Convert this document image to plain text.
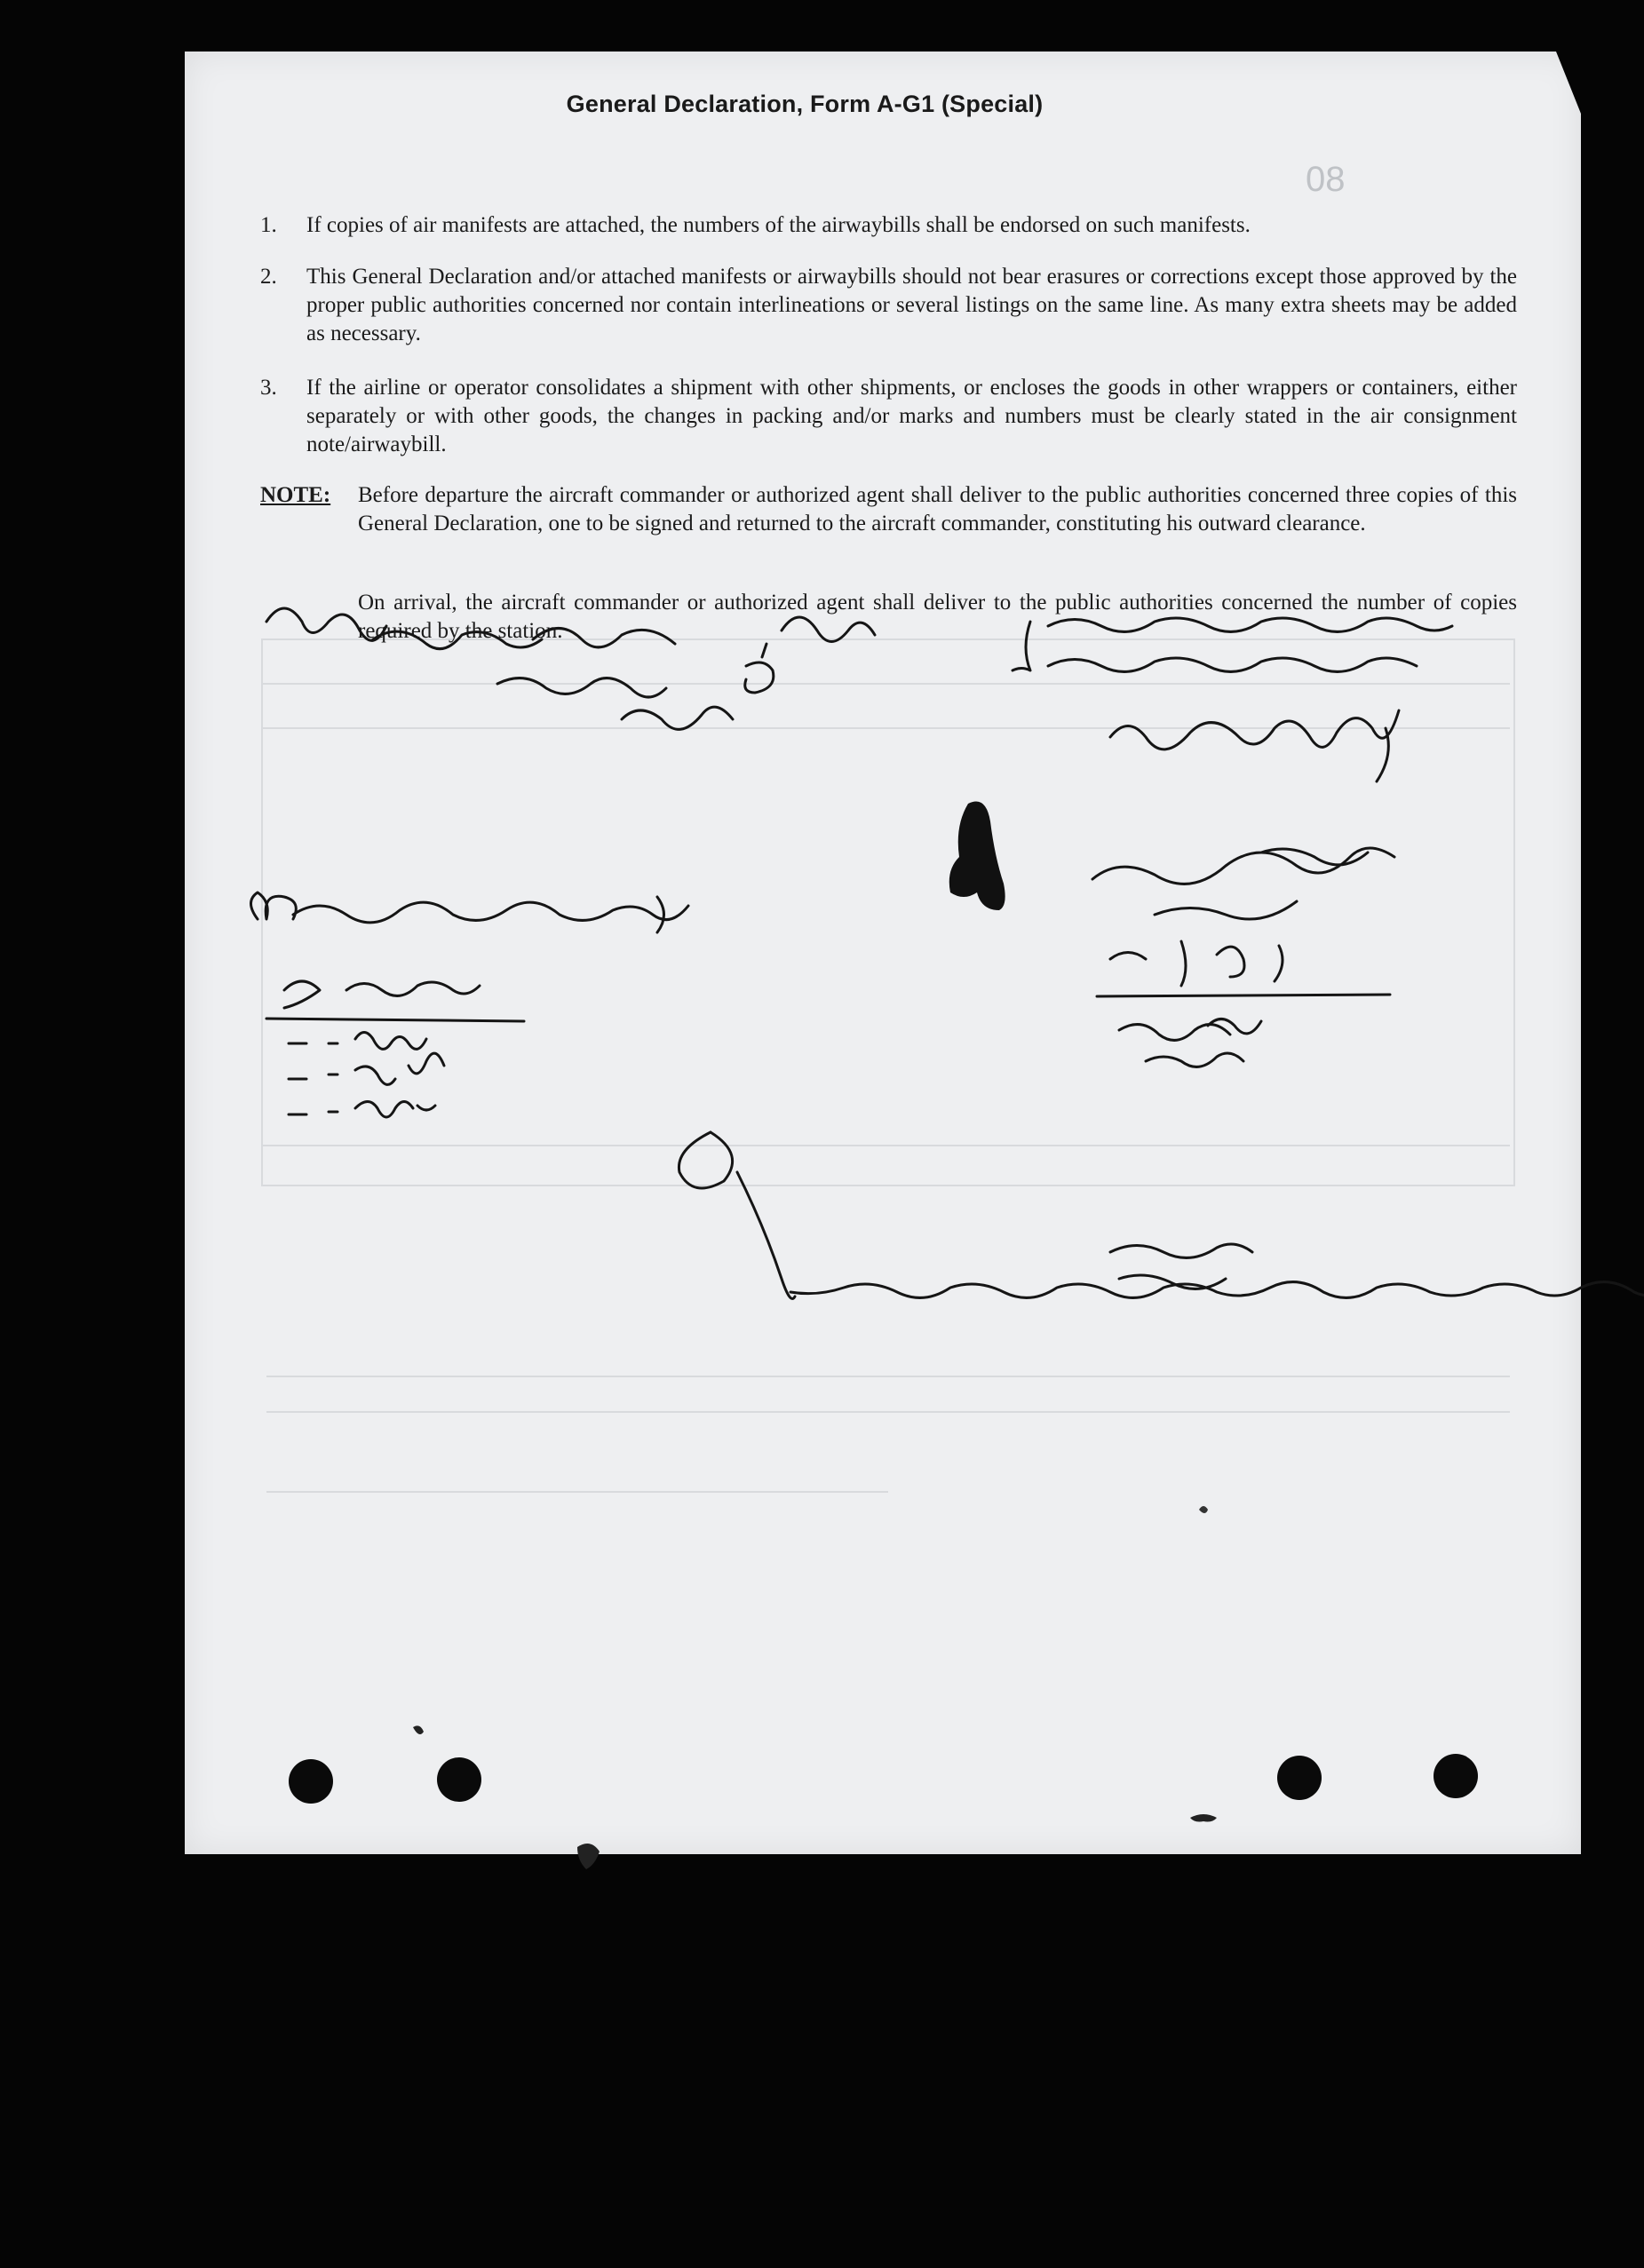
80
General Declaration, Form A-G1 (Special)
1.	If copies of air manifests are attached, the numbers of the airwaybills shall be endorsed on such manifests.
2.	This General Declaration and/or attached manifests or airwaybills should not bear erasures or corrections except those approved by the proper public authorities concerned nor contain interlineations or several listings on the same line. As many extra sheets may be added as necessary.
3.	If the airline or operator consolidates a shipment with other shipments, or encloses the goods in other wrappers or containers, either separately or with other goods, the changes in packing and/or marks and numbers must be clearly stated in the air consignment note/airwaybill.
NOTE: Before departure the aircraft commander or authorized agent shall deliver to the public authorities concerned three copies of this General Declaration, one to be signed and returned to the aircraft commander, constituting his outward clearance.
On arrival, the aircraft commander or authorized agent shall deliver to the public authorities concerned the number of copies required by the station.
